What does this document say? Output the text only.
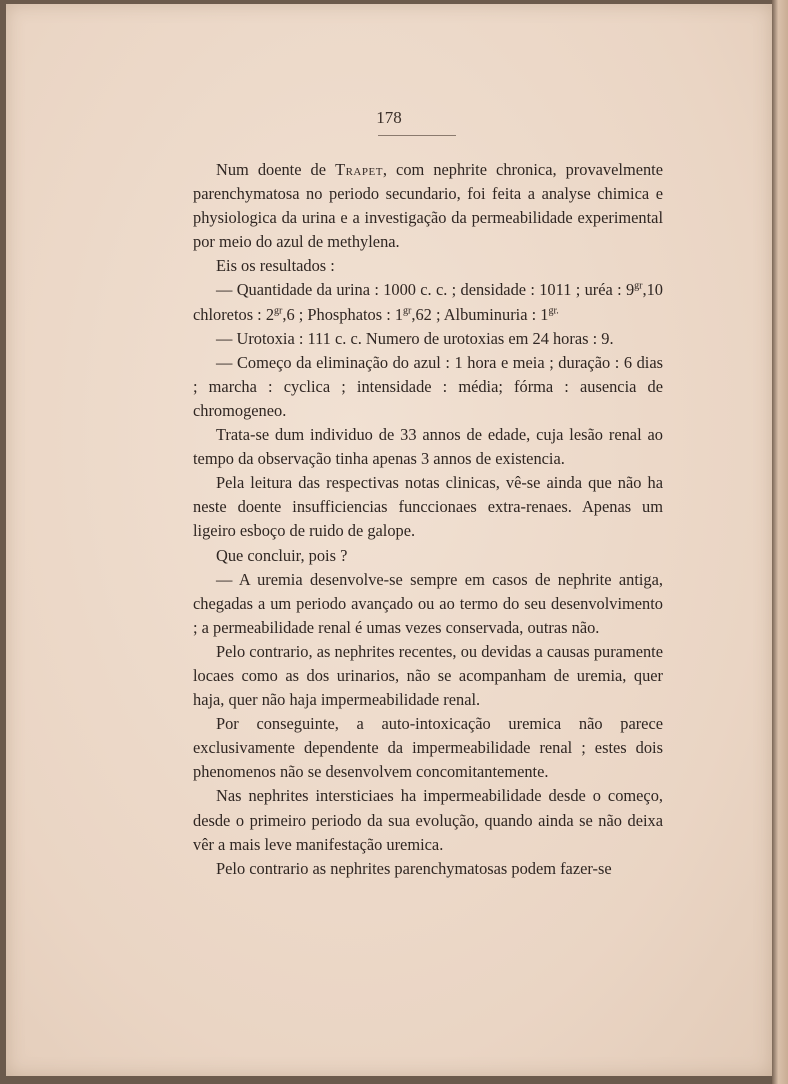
178

Num doente de Trapet, com nephrite chronica, provavelmente parenchymatosa no periodo secundario, foi feita a analyse chimica e physiologica da urina e a investigação da permeabilidade experimental por meio do azul de methylena.

Eis os resultados :

— Quantidade da urina : 1000 c. c. ; densidade : 1011 ; uréa : $9^{gr},10$ chloretos : $2^{gr},6$ ; Phosphatos : $1^{gr},62$ ; Albuminuria : $1^{gr.}$

— Urotoxia : 111 c. c. Numero de urotoxias em 24 horas : 9.

— Começo da eliminação do azul : 1 hora e meia ; duração : 6 dias ; marcha : cyclica ; intensidade : média; fórma : ausencia de chromogeneo.

Trata-se dum individuo de 33 annos de edade, cuja lesão renal ao tempo da observação tinha apenas 3 annos de existencia.

Pela leitura das respectivas notas clinicas, vê-se ainda que não ha neste doente insufficiencias funccionaes extra-renaes. Apenas um ligeiro esboço de ruido de galope.

Que concluir, pois ?

— A uremia desenvolve-se sempre em casos de nephrite antiga, chegadas a um periodo avançado ou ao termo do seu desenvolvimento ; a permeabilidade renal é umas vezes conservada, outras não.

Pelo contrario, as nephrites recentes, ou devidas a causas puramente locaes como as dos urinarios, não se acompanham de uremia, quer haja, quer não haja impermeabilidade renal.

Por conseguinte, a auto-intoxicação uremica não parece exclusivamente dependente da impermeabilidade renal ; estes dois phenomenos não se desenvolvem concomitantemente.

Nas nephrites intersticiaes ha impermeabilidade desde o começo, desde o primeiro periodo da sua evolução, quando ainda se não deixa vêr a mais leve manifestação uremica.

Pelo contrario as nephrites parenchymatosas podem fazer-se
